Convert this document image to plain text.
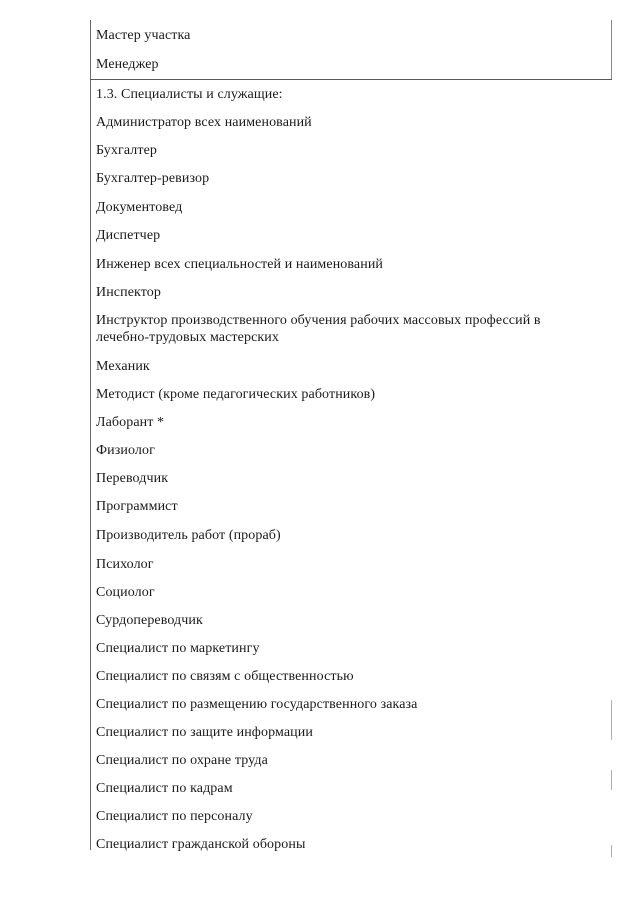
Мастер участка
Менеджер
1.3. Специалисты и служащие:
Администратор всех наименований
Бухгалтер
Бухгалтер-ревизор
Документовед
Диспетчер
Инженер всех специальностей и наименований
Инспектор
Инструктор производственного обучения рабочих массовых профессий в лечебно-трудовых мастерских
Механик
Методист (кроме педагогических работников)
Лаборант *
Физиолог
Переводчик
Программист
Производитель работ (прораб)
Психолог
Социолог
Сурдопереводчик
Специалист по маркетингу
Специалист по связям с общественностью
Специалист по размещению государственного заказа
Специалист по защите информации
Специалист по охране труда
Специалист по кадрам
Специалист по персоналу
Специалист гражданской обороны
